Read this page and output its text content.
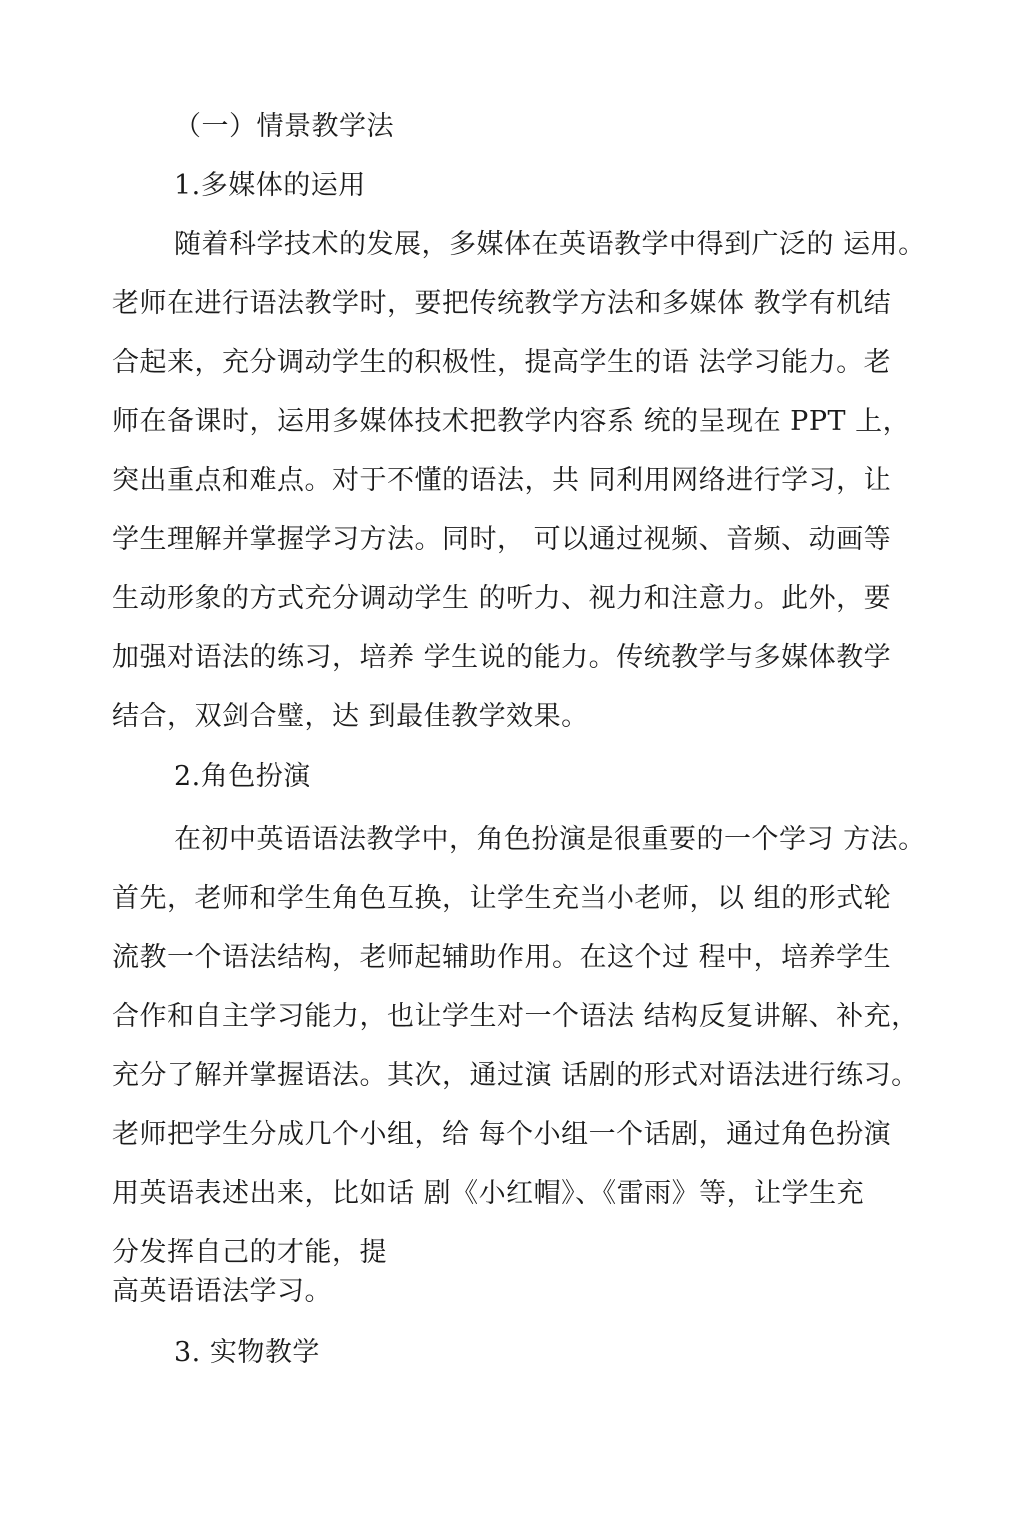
（一）情景教学法
1.多媒体的运用
随着科学技术的发展，多媒体在英语教学中得到广泛的 运用。
老师在进行语法教学时，要把传统教学方法和多媒体 教学有机结
合起来，充分调动学生的积极性，提高学生的语 法学习能力。老
师在备课时，运用多媒体技术把教学内容系 统的呈现在 PPT 上，
突出重点和难点。对于不懂的语法，共 同利用网络进行学习，让
学生理解并掌握学习方法。同时， 可以通过视频、音频、动画等
生动形象的方式充分调动学生 的听力、视力和注意力。此外，要
加强对语法的练习，培养 学生说的能力。传统教学与多媒体教学
结合，双剑合璧，达 到最佳教学效果。
2.角色扮演
在初中英语语法教学中，角色扮演是很重要的一个学习 方法。
首先，老师和学生角色互换，让学生充当小老师，以 组的形式轮
流教一个语法结构，老师起辅助作用。在这个过 程中，培养学生
合作和自主学习能力，也让学生对一个语法 结构反复讲解、补充，
充分了解并掌握语法。其次，通过演 话剧的形式对语法进行练习。
老师把学生分成几个小组，给 每个小组一个话剧，通过角色扮演
用英语表述出来，比如话 剧《小红帽》、《雷雨》等，让学生充
分发挥自己的才能，提
高英语语法学习。
3. 实物教学
